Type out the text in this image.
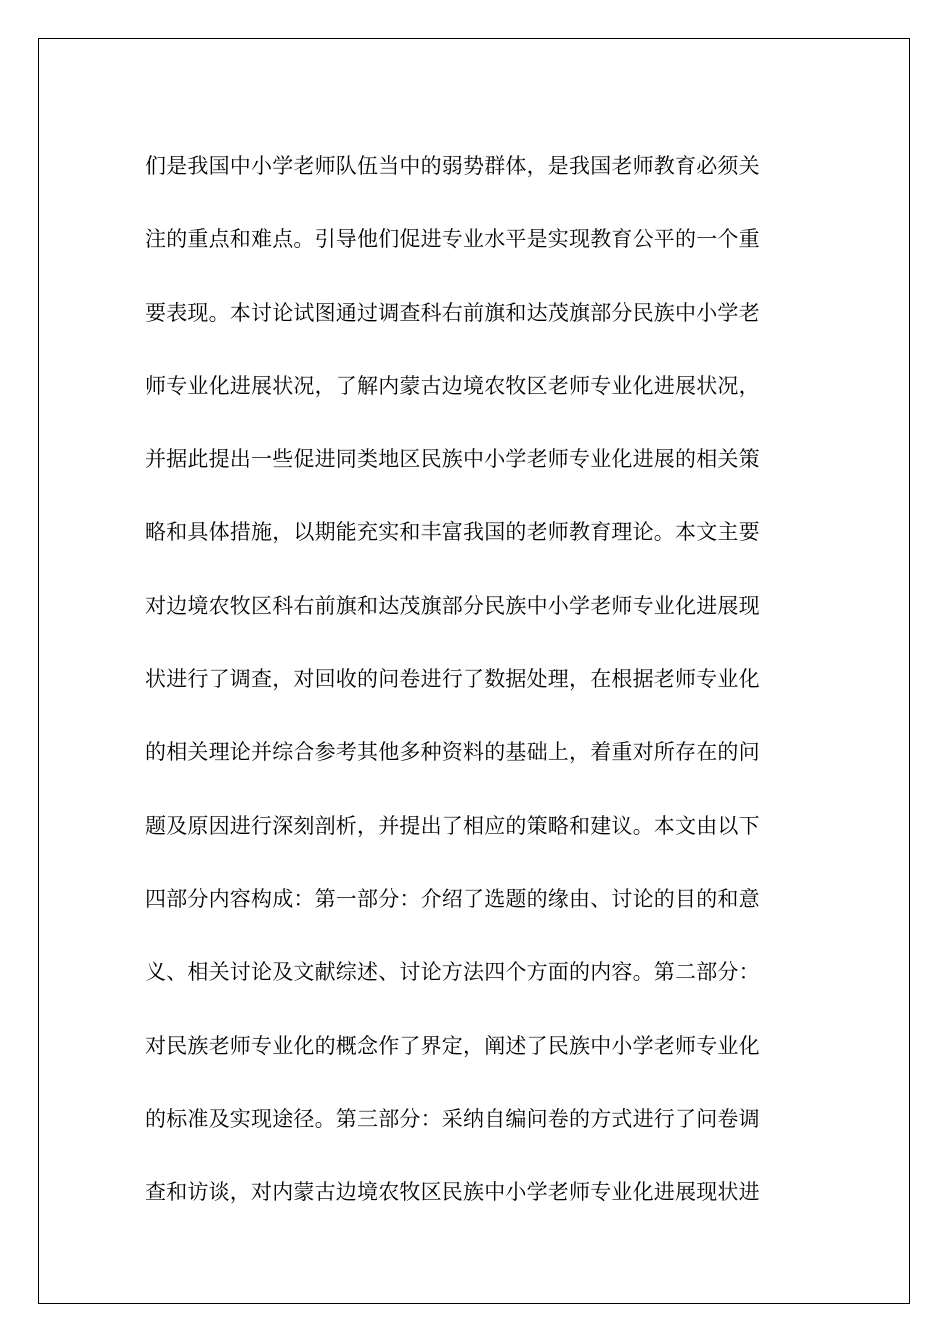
们是我国中小学老师队伍当中的弱势群体，是我国老师教育必须关
注的重点和难点。引导他们促进专业水平是实现教育公平的一个重
要表现。本讨论试图通过调查科右前旗和达茂旗部分民族中小学老
师专业化进展状况，了解内蒙古边境农牧区老师专业化进展状况，
并据此提出一些促进同类地区民族中小学老师专业化进展的相关策
略和具体措施，以期能充实和丰富我国的老师教育理论。本文主要
对边境农牧区科右前旗和达茂旗部分民族中小学老师专业化进展现
状进行了调查，对回收的问卷进行了数据处理，在根据老师专业化
的相关理论并综合参考其他多种资料的基础上，着重对所存在的问
题及原因进行深刻剖析，并提出了相应的策略和建议。本文由以下
四部分内容构成：第一部分：介绍了选题的缘由、讨论的目的和意
义、相关讨论及文献综述、讨论方法四个方面的内容。第二部分：
对民族老师专业化的概念作了界定，阐述了民族中小学老师专业化
的标准及实现途径。第三部分：采纳自编问卷的方式进行了问卷调
查和访谈，对内蒙古边境农牧区民族中小学老师专业化进展现状进
